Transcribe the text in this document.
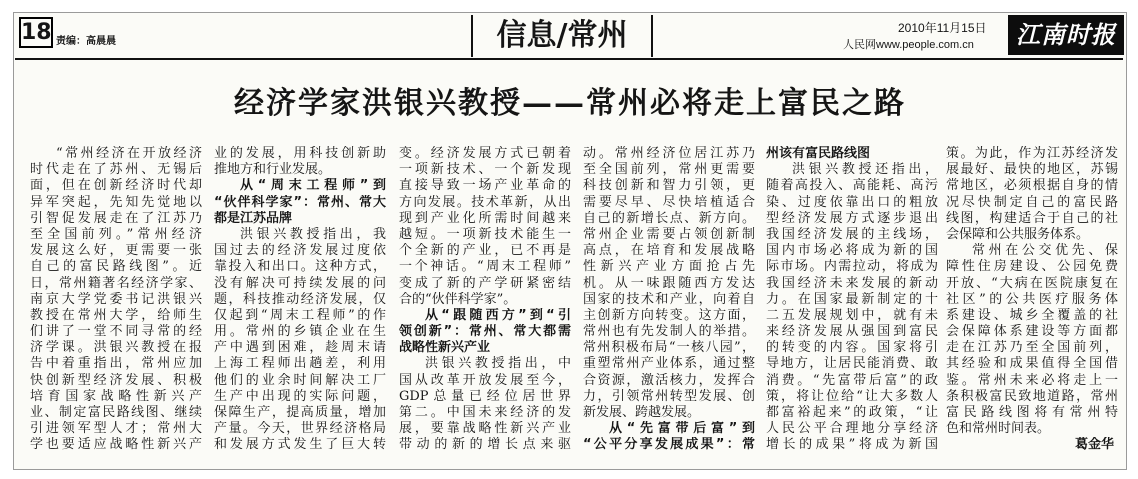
18 责编：高晨晨	信息/常州	2010年11月15日
人民网www.people.com.cn	江南时报
经济学家洪银兴教授——常州必将走上富民之路
“常州经济在开放经济
时代走在了苏州、无锡后
面，但在创新经济时代却
异军突起，先知先觉地以
引智促发展走在了江苏乃
至全国前列。”常州经济
发展这么好，更需要一张
自己的富民路线图”。近
日，常州籍著名经济学家、
南京大学党委书记洪银兴
教授在常州大学，给师生
们讲了一堂不同寻常的经
济学课。洪银兴教授在报
告中着重指出，常州应加
快创新型经济发展、积极
培育国家战略性新兴产
业、制定富民路线图、继续
引进领军型人才；常州大
学也要适应战略性新兴产
业的发展，用科技创新助
推地方和行业发展。
从“周末工程师”到
“伙伴科学家”：常州、常大
都是江苏品牌
洪银兴教授指出，我
国过去的经济发展过度依
靠投入和出口。这种方式，
没有解决可持续发展的问
题，科技推动经济发展，仅
仅起到“周末工程师”的作
用。常州的乡镇企业在生
产中遇到困难，趁周末请
上海工程师出趟差，利用
他们的业余时间解决工厂
生产中出现的实际问题，
保障生产，提高质量，增加
产量。今天，世界经济格局
和发展方式发生了巨大转
变。经济发展方式已朝着
一项新技术、一个新发现
直接导致一场产业革命的
方向发展。技术革新，从出
现到产业化所需时间越来
越短。一项新技术能生一
个全新的产业，已不再是
一个神话。“周末工程师”
变成了新的产学研紧密结
合的“伙伴科学家”。
从“跟随西方”到“引
领创新”：常州、常大都需
战略性新兴产业
洪银兴教授指出，中
国从改革开放发展至今，
GDP总量已经位居世界
第二。中国未来经济的发
展，要靠战略性新兴产业
带动的新的增长点来驱
动。常州经济位居江苏乃
至全国前列，常州更需要
科技创新和智力引领，更
需要尽早、尽快培植适合
自己的新增长点、新方向。
常州企业需要占领创新制
高点，在培育和发展战略
性新兴产业方面抢占先
机。从一味跟随西方发达
国家的技术和产业，向着自
主创新方向转变。这方面，
常州也有先发制人的举措。
常州积极布局“一核八园”，
重塑常州产业体系，通过整
合资源，激活核力，发挥合
力，引领常州转型发展、创
新发展、跨越发展。
从“先富带后富”到
“公平分享发展成果”：常
州该有富民路线图
洪银兴教授还指出，
随着高投入、高能耗、高污
染、过度依靠出口的粗放
型经济发展方式逐步退出
我国经济发展的主线场，
国内市场必将成为新的国
际市场。内需拉动，将成为
我国经济未来发展的新动
力。在国家最新制定的十
二五发展规划中，就有未
来经济发展从强国到富民
的转变的内容。国家将引
导地方，让居民能消费、敢
消费。“先富带后富”的政
策，将让位给“让大多数人
都富裕起来”的政策，“让
人民公平合理地分享经济
增长的成果”将成为新国
策。为此，作为江苏经济发
展最好、最快的地区，苏锡
常地区，必须根据自身的情
况尽快制定自己的富民路
线图，构建适合于自己的社
会保障和公共服务体系。
常州在公交优先、保
障性住房建设、公园免费
开放、“大病在医院康复在
社区”的公共医疗服务体
系建设、城乡全覆盖的社
会保障体系建设等方面都
走在江苏乃至全国前列，
其经验和成果值得全国借
鉴。常州未来必将走上一
条积极富民致地道路，常州
富民路线图将有常州特
色和常州时间表。
葛金华
